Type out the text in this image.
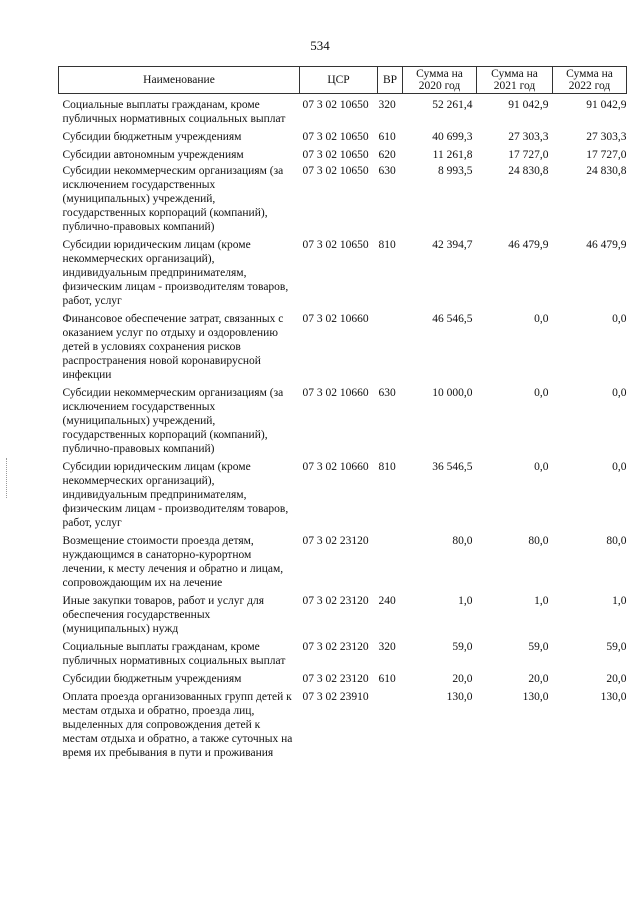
534
Наименование	ЦСР	ВР	Сумма на 2020 год	Сумма на 2021 год	Сумма на 2022 год
Социальные выплаты гражданам, кроме публичных нормативных социальных выплат	07 3 02 10650	320	52 261,4	91 042,9	91 042,9
Субсидии бюджетным учреждениям	07 3 02 10650	610	40 699,3	27 303,3	27 303,3
Субсидии автономным учреждениям	07 3 02 10650	620	11 261,8	17 727,0	17 727,0
Субсидии некоммерческим организациям (за исключением государственных (муниципальных) учреждений, государственных корпораций (компаний), публично-правовых компаний)	07 3 02 10650	630	8 993,5	24 830,8	24 830,8
Субсидии юридическим лицам (кроме некоммерческих организаций), индивидуальным предпринимателям, физическим лицам - производителям товаров, работ, услуг	07 3 02 10650	810	42 394,7	46 479,9	46 479,9
Финансовое обеспечение затрат, связанных с оказанием услуг по отдыху и оздоровлению детей в условиях сохранения рисков распространения новой коронавирусной инфекции	07 3 02 10660		46 546,5	0,0	0,0
Субсидии некоммерческим организациям (за исключением государственных (муниципальных) учреждений, государственных корпораций (компаний), публично-правовых компаний)	07 3 02 10660	630	10 000,0	0,0	0,0
Субсидии юридическим лицам (кроме некоммерческих организаций), индивидуальным предпринимателям, физическим лицам - производителям товаров, работ, услуг	07 3 02 10660	810	36 546,5	0,0	0,0
Возмещение стоимости проезда детям, нуждающимся в санаторно-курортном лечении, к месту лечения и обратно и лицам, сопровождающим их на лечение	07 3 02 23120		80,0	80,0	80,0
Иные закупки товаров, работ и услуг для обеспечения государственных (муниципальных) нужд	07 3 02 23120	240	1,0	1,0	1,0
Социальные выплаты гражданам, кроме публичных нормативных социальных выплат	07 3 02 23120	320	59,0	59,0	59,0
Субсидии бюджетным учреждениям	07 3 02 23120	610	20,0	20,0	20,0
Оплата проезда организованных групп детей к местам отдыха и обратно, проезда лиц, выделенных для сопровождения детей к местам отдыха и обратно, а также суточных на время их пребывания в пути и проживания	07 3 02 23910		130,0	130,0	130,0
